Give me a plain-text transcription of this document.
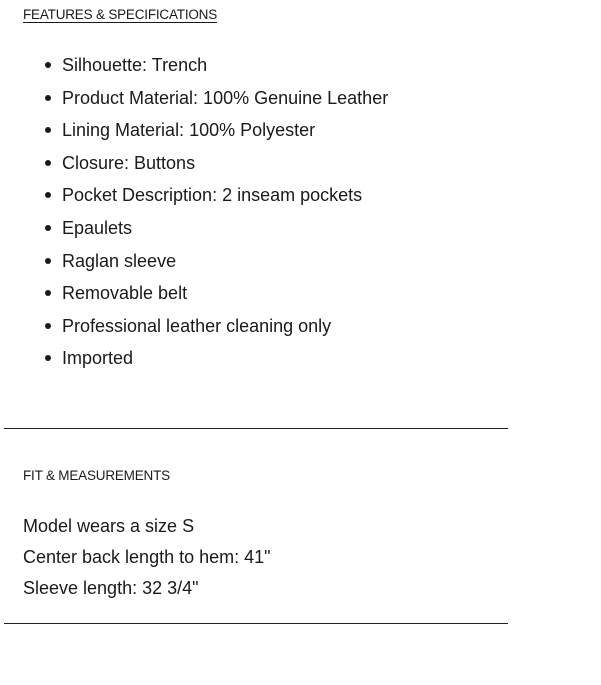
FEATURES & SPECIFICATIONS
Silhouette: Trench
Product Material: 100% Genuine Leather
Lining Material: 100% Polyester
Closure: Buttons
Pocket Description: 2 inseam pockets
Epaulets
Raglan sleeve
Removable belt
Professional leather cleaning only
Imported
FIT & MEASUREMENTS
Model wears a size S
Center back length to hem: 41"
Sleeve length: 32 3/4"
